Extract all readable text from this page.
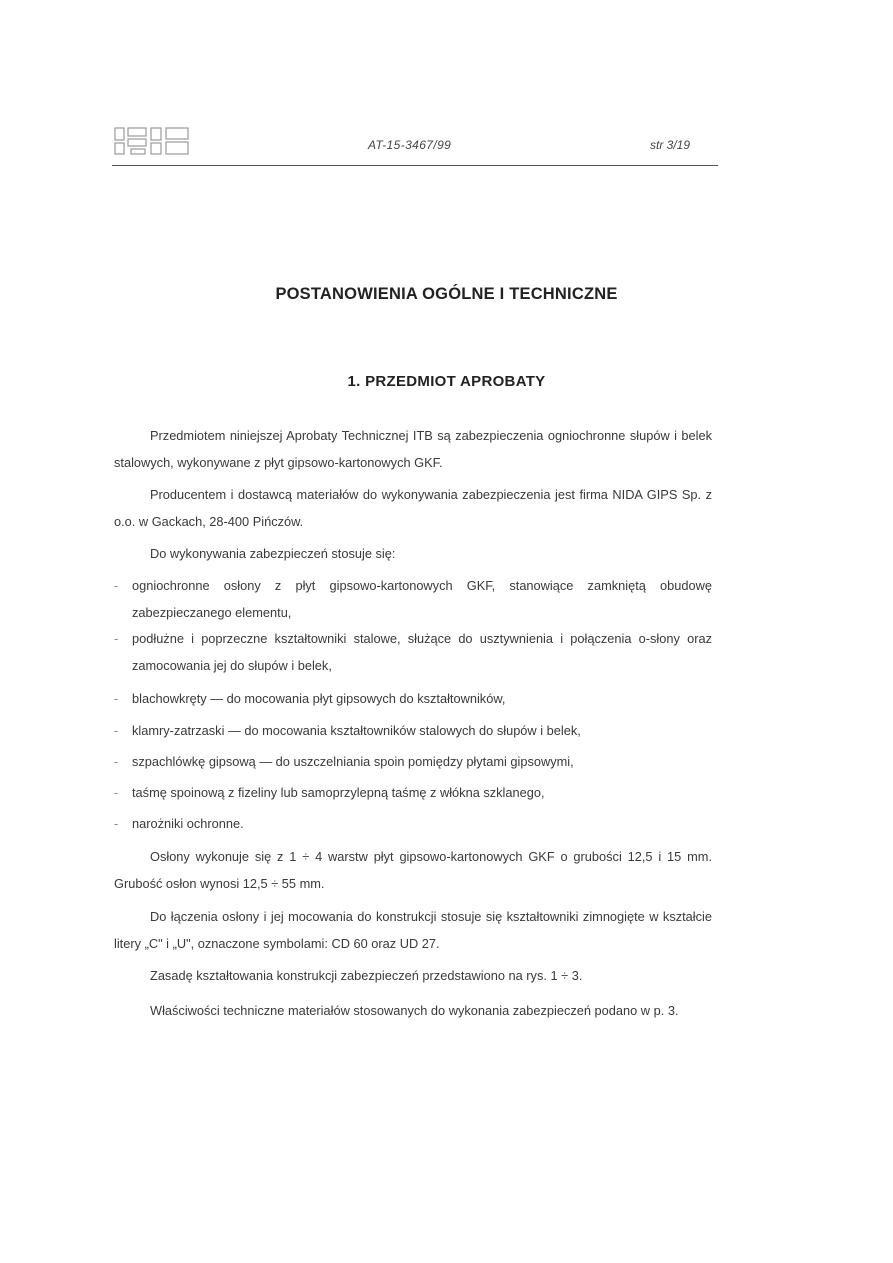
AT-15-3467/99	str 3/19
POSTANOWIENIA OGÓLNE I TECHNICZNE
1. PRZEDMIOT APROBATY

Przedmiotem niniejszej Aprobaty Technicznej ITB są zabezpieczenia ogniochronne słupów i belek stalowych, wykonywane z płyt gipsowo-kartonowych GKF.

Producentem i dostawcą materiałów do wykonywania zabezpieczenia jest firma NIDA GIPS Sp. z o.o. w Gackach, 28-400 Pińczów.

Do wykonywania zabezpieczeń stosuje się:

- ogniochronne osłony z płyt gipsowo-kartonowych GKF, stanowiące zamkniętą obudowę zabezpieczanego elementu,
- podłużne i poprzeczne kształtowniki stalowe, służące do usztywnienia i połączenia o-słony oraz zamocowania jej do słupów i belek,
- blachowkręty — do mocowania płyt gipsowych do kształtowników,
- klamry-zatrzaski — do mocowania kształtowników stalowych do słupów i belek,
- szpachlówkę gipsową — do uszczelniania spoin pomiędzy płytami gipsowymi,
- taśmę spoinową z fizeliny lub samoprzylepną taśmę z włókna szklanego,
- narożniki ochronne.

Osłony wykonuje się z 1 ÷ 4 warstw płyt gipsowo-kartonowych GKF o grubości 12,5 i 15 mm. Grubość osłon wynosi 12,5 ÷ 55 mm.

Do łączenia osłony i jej mocowania do konstrukcji stosuje się kształtowniki zimnogięte w kształcie litery „C" i „U", oznaczone symbolami: CD 60 oraz UD 27.

Zasadę kształtowania konstrukcji zabezpieczeń przedstawiono na rys. 1 ÷ 3.

Właściwości techniczne materiałów stosowanych do wykonania zabezpieczeń podano w p. 3.
